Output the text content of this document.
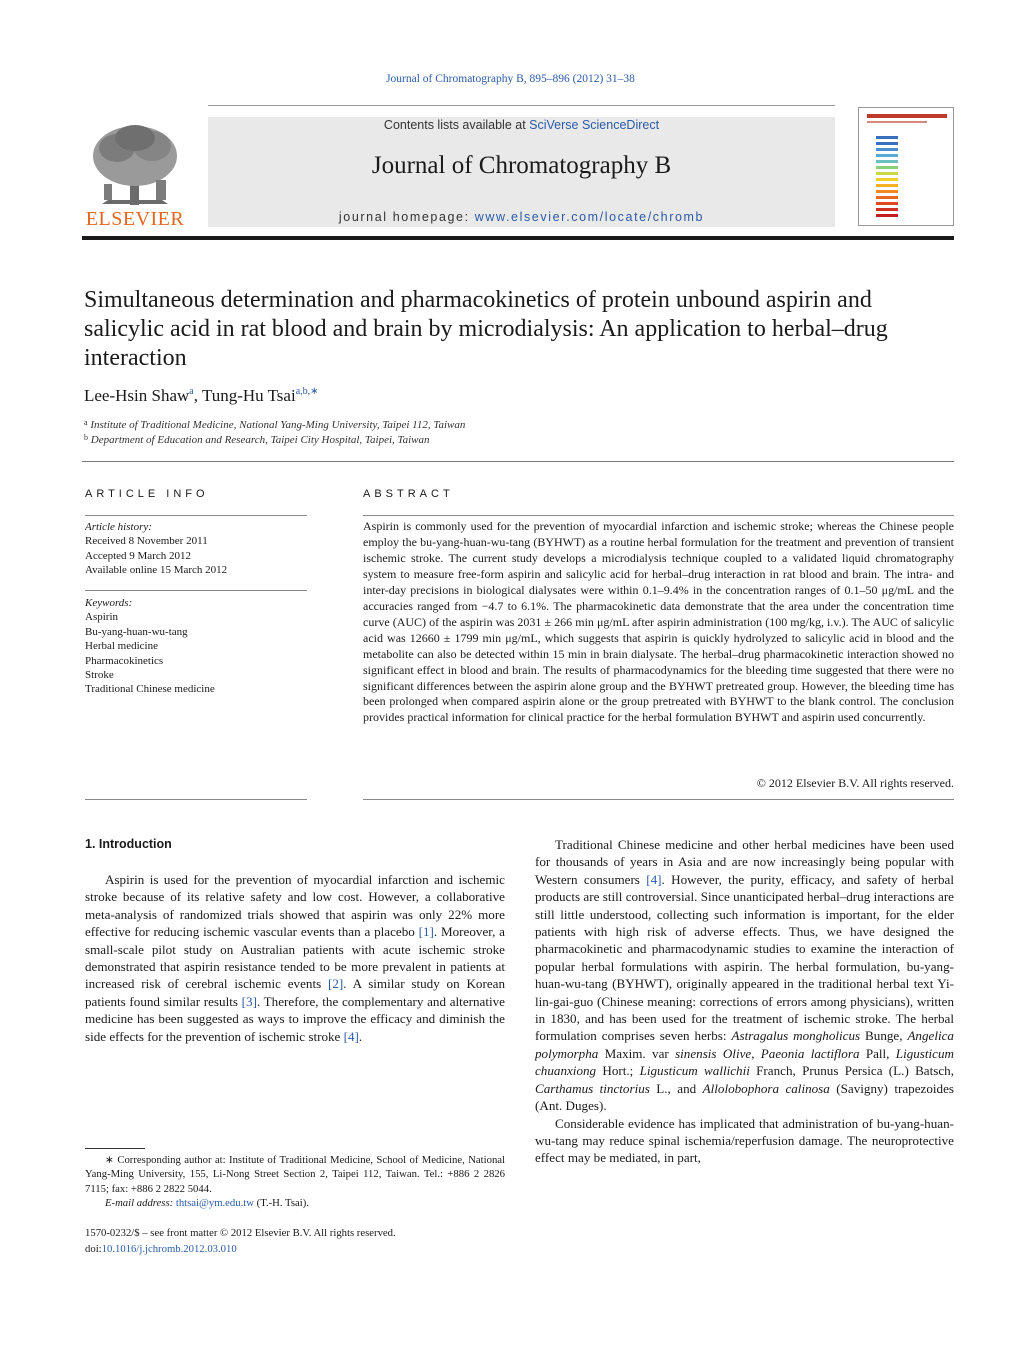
Journal of Chromatography B, 895–896 (2012) 31–38
ELSEVIER
Contents lists available at SciVerse ScienceDirect
Journal of Chromatography B
journal homepage: www.elsevier.com/locate/chromb
Simultaneous determination and pharmacokinetics of protein unbound aspirin and salicylic acid in rat blood and brain by microdialysis: An application to herbal–drug interaction
Lee-Hsin Shaw$^a$, Tung-Hu Tsai$^{a,b,∗}$
$^a$ Institute of Traditional Medicine, National Yang-Ming University, Taipei 112, Taiwan
$^b$ Department of Education and Research, Taipei City Hospital, Taipei, Taiwan
ARTICLE INFO
Article history:
Received 8 November 2011
Accepted 9 March 2012
Available online 15 March 2012
Keywords:
Aspirin
Bu-yang-huan-wu-tang
Herbal medicine
Pharmacokinetics
Stroke
Traditional Chinese medicine
ABSTRACT
Aspirin is commonly used for the prevention of myocardial infarction and ischemic stroke; whereas the Chinese people employ the bu-yang-huan-wu-tang (BYHWT) as a routine herbal formulation for the treatment and prevention of transient ischemic stroke. The current study develops a microdialysis technique coupled to a validated liquid chromatography system to measure free-form aspirin and salicylic acid for herbal–drug interaction in rat blood and brain. The intra- and inter-day precisions in biological dialysates were within 0.1–9.4% in the concentration ranges of 0.1–50 μg/mL and the accuracies ranged from −4.7 to 6.1%. The pharmacokinetic data demonstrate that the area under the concentration time curve (AUC) of the aspirin was 2031 ± 266 min μg/mL after aspirin administration (100 mg/kg, i.v.). The AUC of salicylic acid was 12660 ± 1799 min μg/mL, which suggests that aspirin is quickly hydrolyzed to salicylic acid in blood and the metabolite can also be detected within 15 min in brain dialysate. The herbal–drug pharmacokinetic interaction showed no significant effect in blood and brain. The results of pharmacodynamics for the bleeding time suggested that there were no significant differences between the aspirin alone group and the BYHWT pretreated group. However, the bleeding time has been prolonged when compared aspirin alone or the group pretreated with BYHWT to the blank control. The conclusion provides practical information for clinical practice for the herbal formulation BYHWT and aspirin used concurrently.
© 2012 Elsevier B.V. All rights reserved.
1. Introduction

Aspirin is used for the prevention of myocardial infarction and ischemic stroke because of its relative safety and low cost. However, a collaborative meta-analysis of randomized trials showed that aspirin was only 22% more effective for reducing ischemic vascular events than a placebo [1]. Moreover, a small-scale pilot study on Australian patients with acute ischemic stroke demonstrated that aspirin resistance tended to be more prevalent in patients at increased risk of cerebral ischemic events [2]. A similar study on Korean patients found similar results [3]. Therefore, the complementary and alternative medicine has been suggested as ways to improve the efficacy and diminish the side effects for the prevention of ischemic stroke [4].

Traditional Chinese medicine and other herbal medicines have been used for thousands of years in Asia and are now increasingly being popular with Western consumers [4]. However, the purity, efficacy, and safety of herbal products are still controversial. Since unanticipated herbal–drug interactions are still little understood, collecting such information is important, for the elder patients with high risk of adverse effects. Thus, we have designed the pharmacokinetic and pharmacodynamic studies to examine the interaction of popular herbal formulations with aspirin. The herbal formulation, bu-yang-huan-wu-tang (BYHWT), originally appeared in the traditional herbal text Yi-lin-gai-guo (Chinese meaning: corrections of errors among physicians), written in 1830, and has been used for the treatment of ischemic stroke. The herbal formulation comprises seven herbs: Astragalus mongholicus Bunge, Angelica polymorpha Maxim. var sinensis Olive, Paeonia lactiflora Pall, Ligusticum chuanxiong Hort.; Ligusticum wallichii Franch, Prunus Persica (L.) Batsch, Carthamus tinctorius L., and Allolobophora calinosa (Savigny) trapezoides (Ant. Duges).

Considerable evidence has implicated that administration of bu-yang-huan-wu-tang may reduce spinal ischemia/reperfusion damage. The neuroprotective effect may be mediated, in part,

∗ Corresponding author at: Institute of Traditional Medicine, School of Medicine, National Yang-Ming University, 155, Li-Nong Street Section 2, Taipei 112, Taiwan. Tel.: +886 2 2826 7115; fax: +886 2 2822 5044.
E-mail address: thtsai@ym.edu.tw (T.-H. Tsai).
1570-0232/$ – see front matter © 2012 Elsevier B.V. All rights reserved.
doi:10.1016/j.jchromb.2012.03.010
